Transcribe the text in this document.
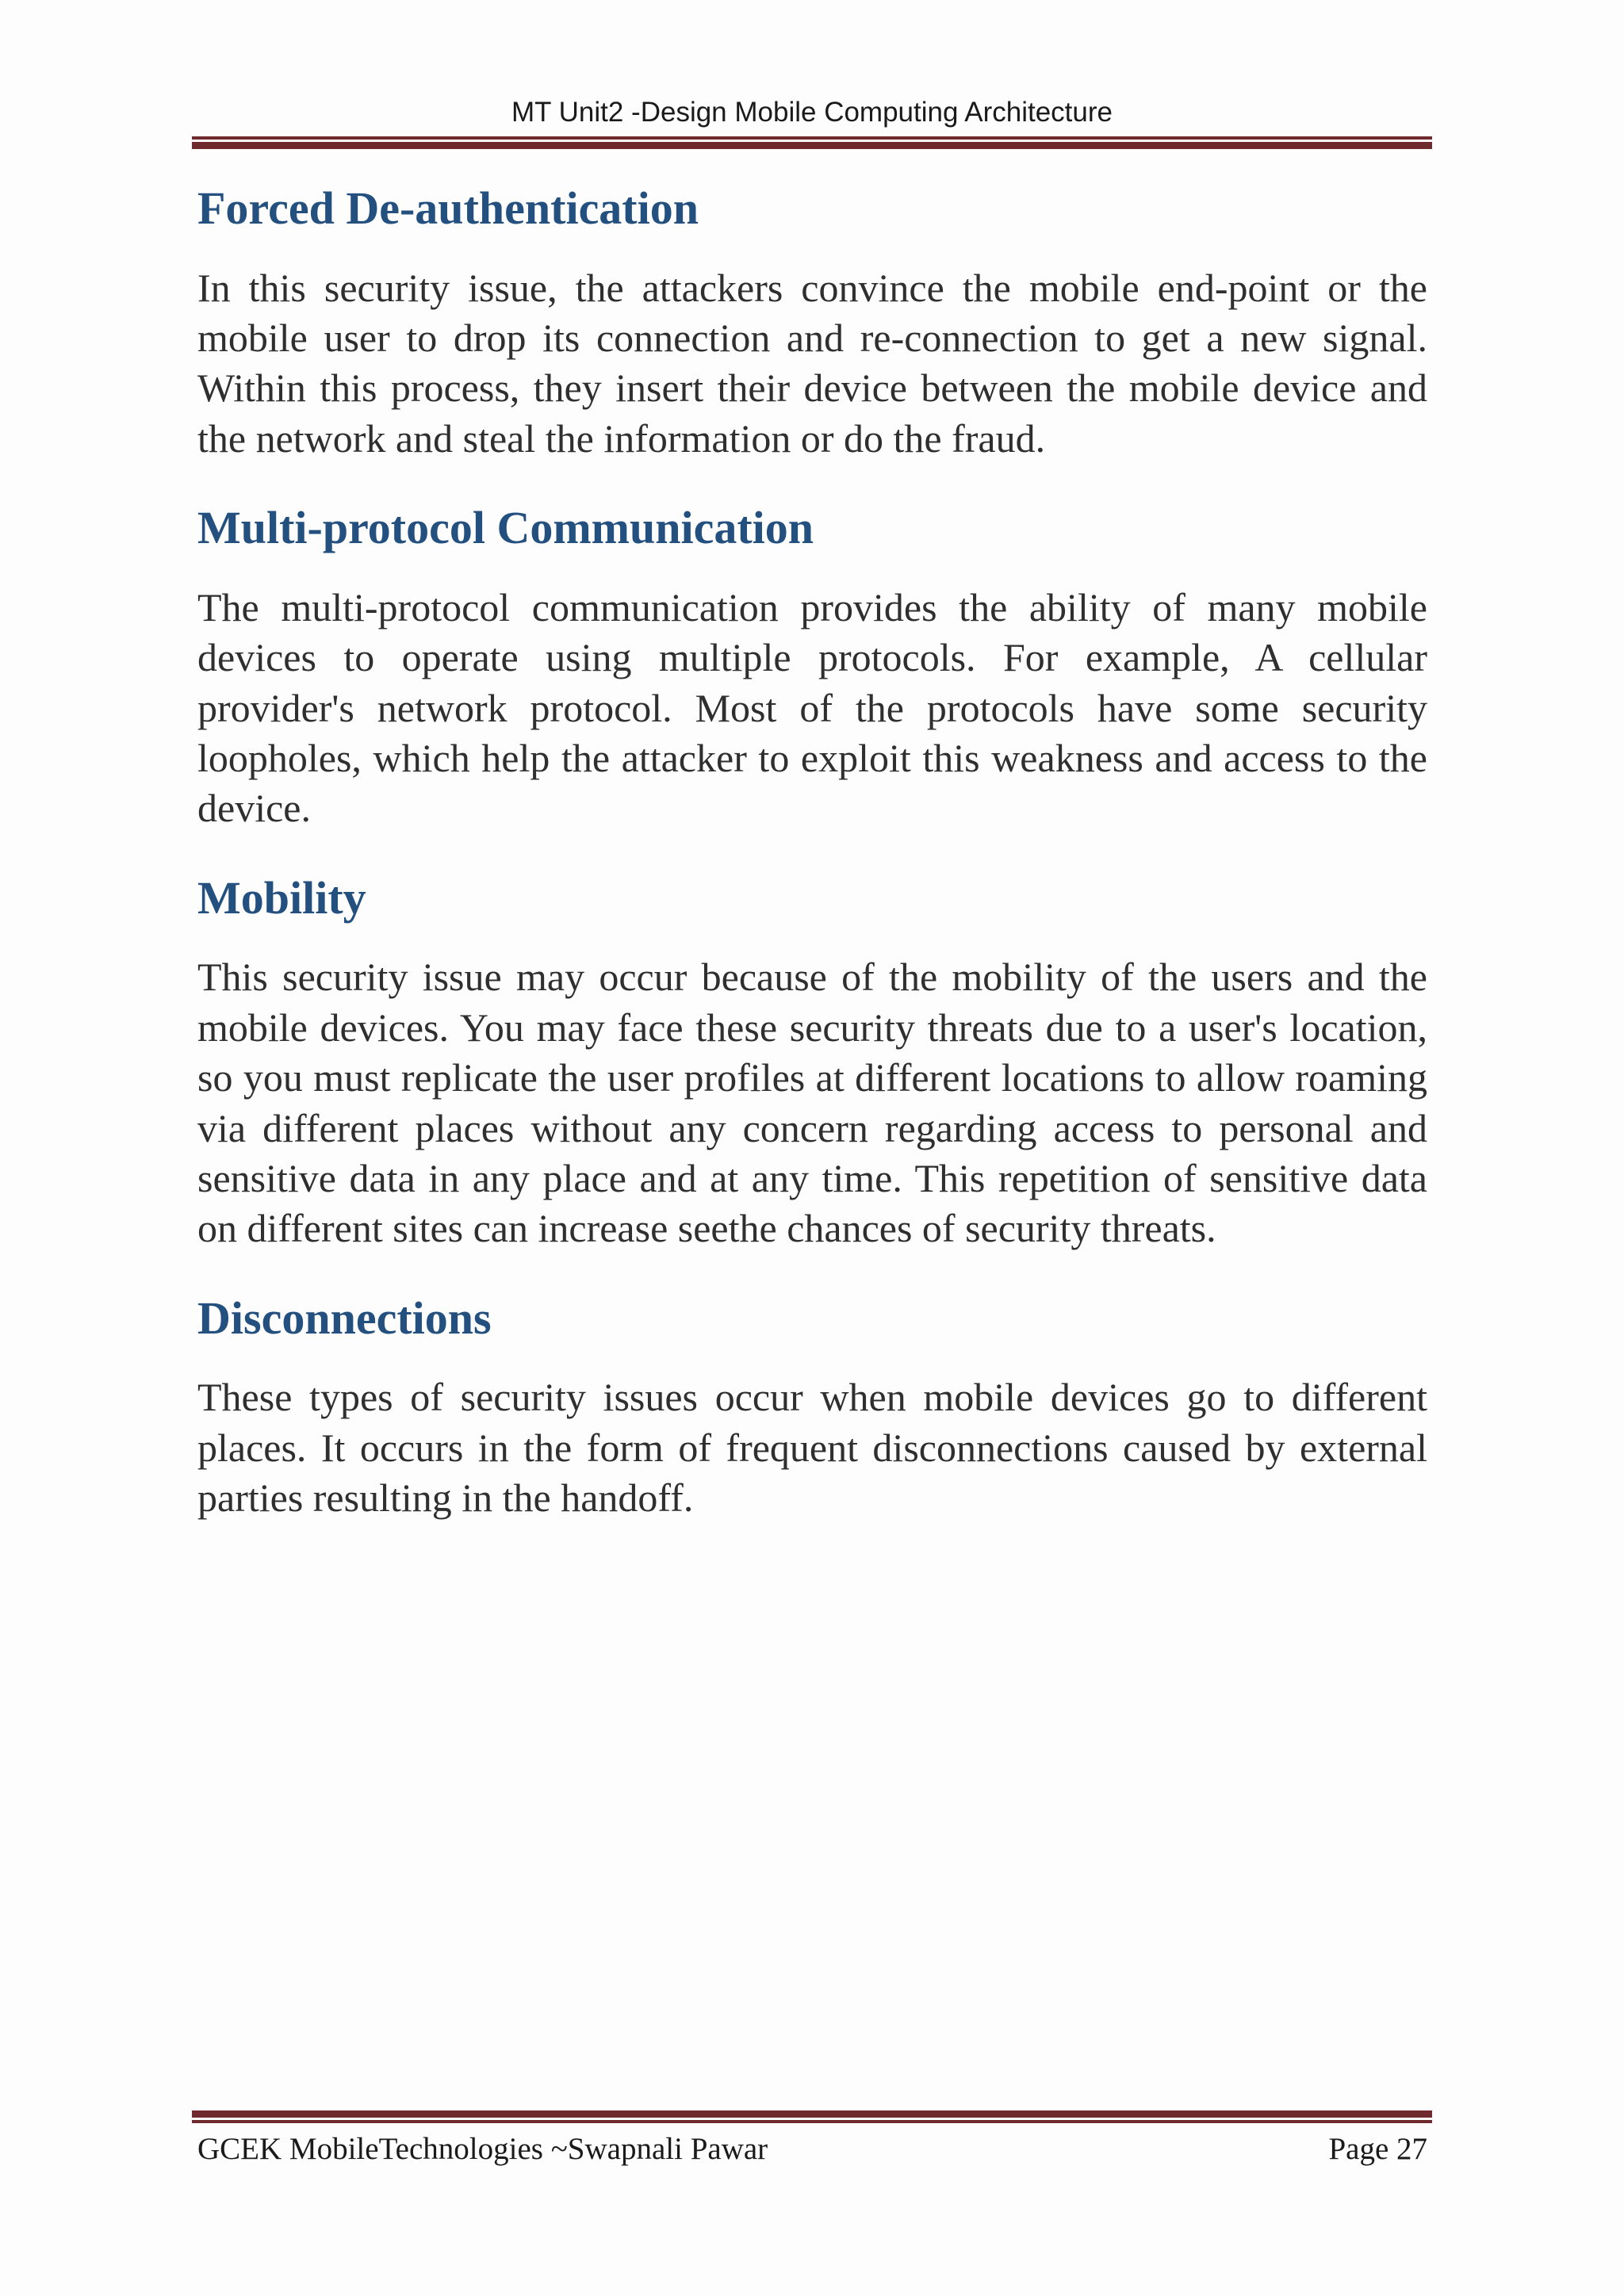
MT Unit2 -Design Mobile Computing Architecture

Forced De-authentication

In this security issue, the attackers convince the mobile end-point or the mobile user to drop its connection and re-connection to get a new signal. Within this process, they insert their device between the mobile device and the network and steal the information or do the fraud.

Multi-protocol Communication

The multi-protocol communication provides the ability of many mobile devices to operate using multiple protocols. For example, A cellular provider's network protocol. Most of the protocols have some security loopholes, which help the attacker to exploit this weakness and access to the device.

Mobility

This security issue may occur because of the mobility of the users and the mobile devices. You may face these security threats due to a user's location, so you must replicate the user profiles at different locations to allow roaming via different places without any concern regarding access to personal and sensitive data in any place and at any time. This repetition of sensitive data on different sites can increase seethe chances of security threats.

Disconnections

These types of security issues occur when mobile devices go to different places. It occurs in the form of frequent disconnections caused by external parties resulting in the handoff.

GCEK MobileTechnologies ~Swapnali Pawar	Page 27
